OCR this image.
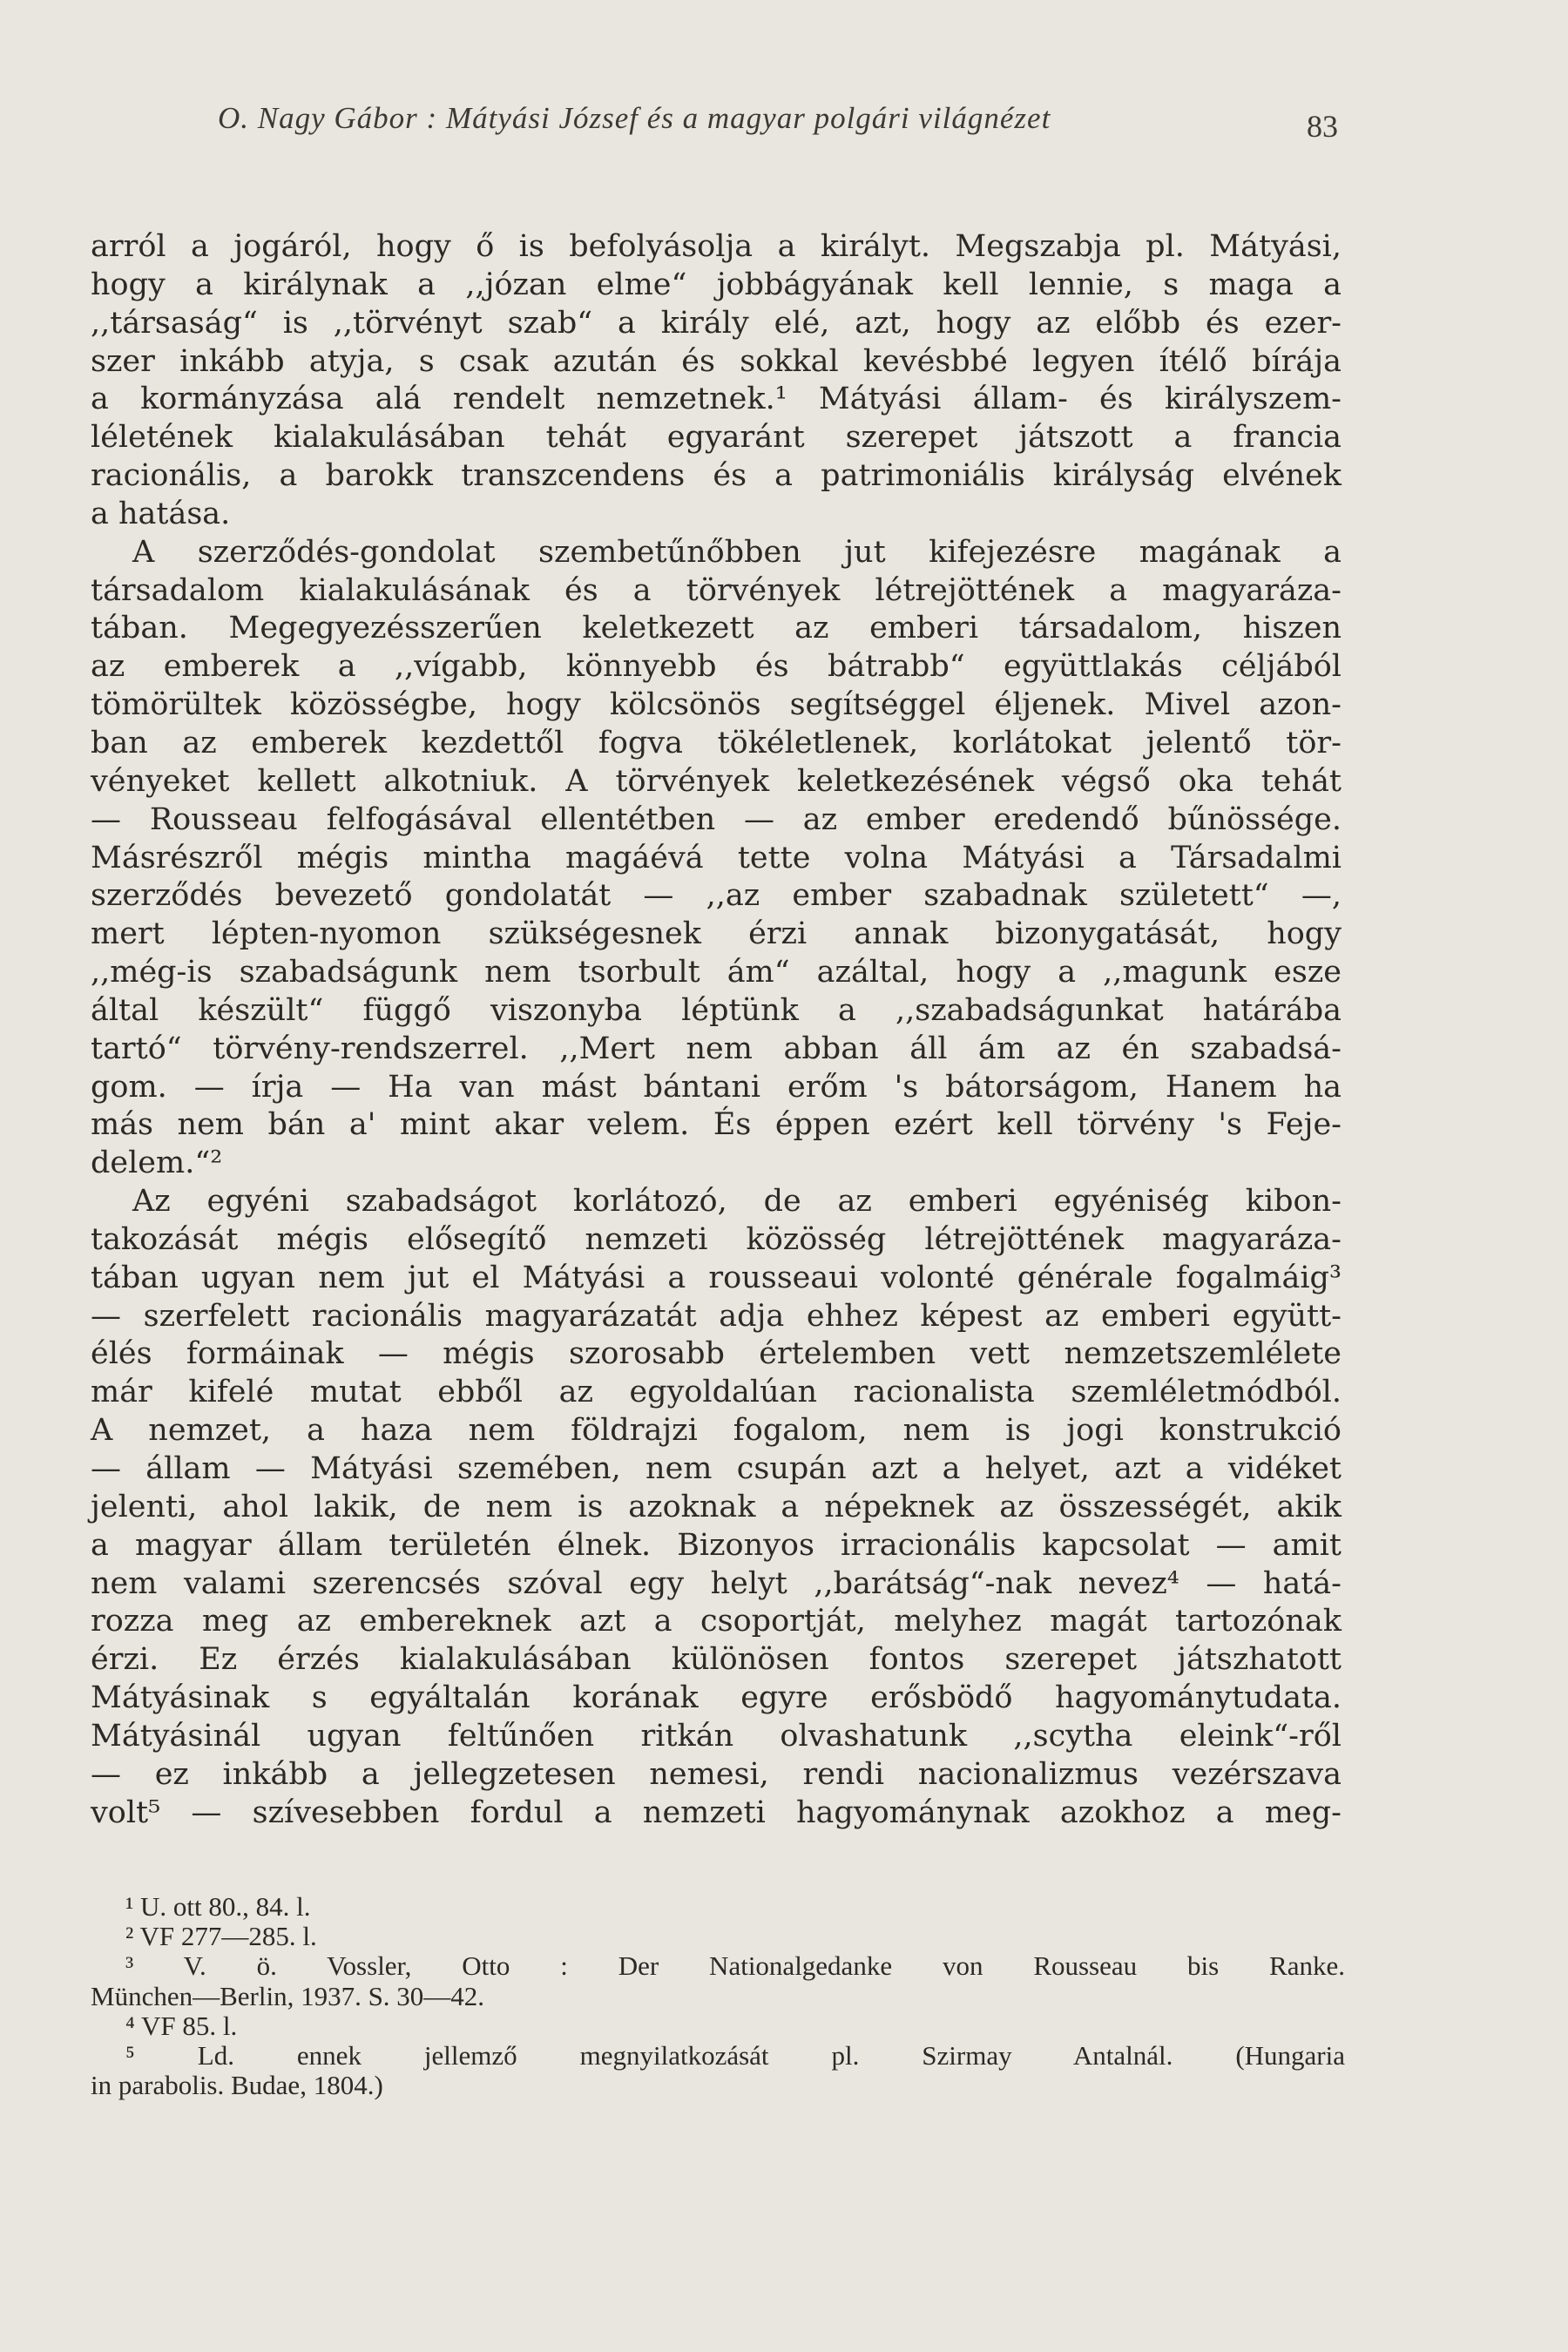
O. Nagy Gábor : Mátyási József és a magyar polgári világnézet	83
arról a jogáról, hogy ő is befolyásolja a királyt. Megszabja pl. Mátyási,
hogy a királynak a ,,józan elme“ jobbágyának kell lennie, s maga a
,,társaság“ is ,,törvényt szab“ a király elé, azt, hogy az előbb és ezer-
szer inkább atyja, s csak azután és sokkal kevésbbé legyen ítélő bírája
a kormányzása alá rendelt nemzetnek.¹ Mátyási állam- és királyszem-
léletének kialakulásában tehát egyaránt szerepet játszott a francia
racionális, a barokk transzcendens és a patrimoniális királyság elvének
a hatása.
A szerződés-gondolat szembetűnőbben jut kifejezésre magának a
társadalom kialakulásának és a törvények létrejöttének a magyaráza-
tában. Megegyezésszerűen keletkezett az emberi társadalom, hiszen
az emberek a ,,vígabb, könnyebb és bátrabb“ együttlakás céljából
tömörültek közösségbe, hogy kölcsönös segítséggel éljenek. Mivel azon-
ban az emberek kezdettől fogva tökéletlenek, korlátokat jelentő tör-
vényeket kellett alkotniuk. A törvények keletkezésének végső oka tehát
— Rousseau felfogásával ellentétben — az ember eredendő bűnössége.
Másrészről mégis mintha magáévá tette volna Mátyási a Társadalmi
szerződés bevezető gondolatát — ,,az ember szabadnak született“ —,
mert lépten-nyomon szükségesnek érzi annak bizonygatását, hogy
,,még-is szabadságunk nem tsorbult ám“ azáltal, hogy a ,,magunk esze
által készült“ függő viszonyba léptünk a ,,szabadságunkat határába
tartó“ törvény-rendszerrel. ,,Mert nem abban áll ám az én szabadsá-
gom. — írja — Ha van mást bántani erőm 's bátorságom, Hanem ha
más nem bán a' mint akar velem. És éppen ezért kell törvény 's Feje-
delem.“²
Az egyéni szabadságot korlátozó, de az emberi egyéniség kibon-
takozását mégis elősegítő nemzeti közösség létrejöttének magyaráza-
tában ugyan nem jut el Mátyási a rousseaui volonté générale fogalmáig³
— szerfelett racionális magyarázatát adja ehhez képest az emberi együtt-
élés formáinak — mégis szorosabb értelemben vett nemzetszemlélete
már kifelé mutat ebből az egyoldalúan racionalista szemléletmódból.
A nemzet, a haza nem földrajzi fogalom, nem is jogi konstrukció
— állam — Mátyási szemében, nem csupán azt a helyet, azt a vidéket
jelenti, ahol lakik, de nem is azoknak a népeknek az összességét, akik
a magyar állam területén élnek. Bizonyos irracionális kapcsolat — amit
nem valami szerencsés szóval egy helyt ,,barátság“-nak nevez⁴ — hatá-
rozza meg az embereknek azt a csoportját, melyhez magát tartozónak
érzi. Ez érzés kialakulásában különösen fontos szerepet játszhatott
Mátyásinak s egyáltalán korának egyre erősbödő hagyománytudata.
Mátyásinál ugyan feltűnően ritkán olvashatunk ,,scytha eleink“-ről
— ez inkább a jellegzetesen nemesi, rendi nacionalizmus vezérszava
volt⁵ — szívesebben fordul a nemzeti hagyománynak azokhoz a meg-
¹ U. ott 80., 84. l.
² VF 277—285. l.
³ V. ö. Vossler, Otto : Der Nationalgedanke von Rousseau bis Ranke.
München—Berlin, 1937. S. 30—42.
⁴ VF 85. l.
⁵ Ld. ennek jellemző megnyilatkozását pl. Szirmay Antalnál. (Hungaria
in parabolis. Budae, 1804.)
